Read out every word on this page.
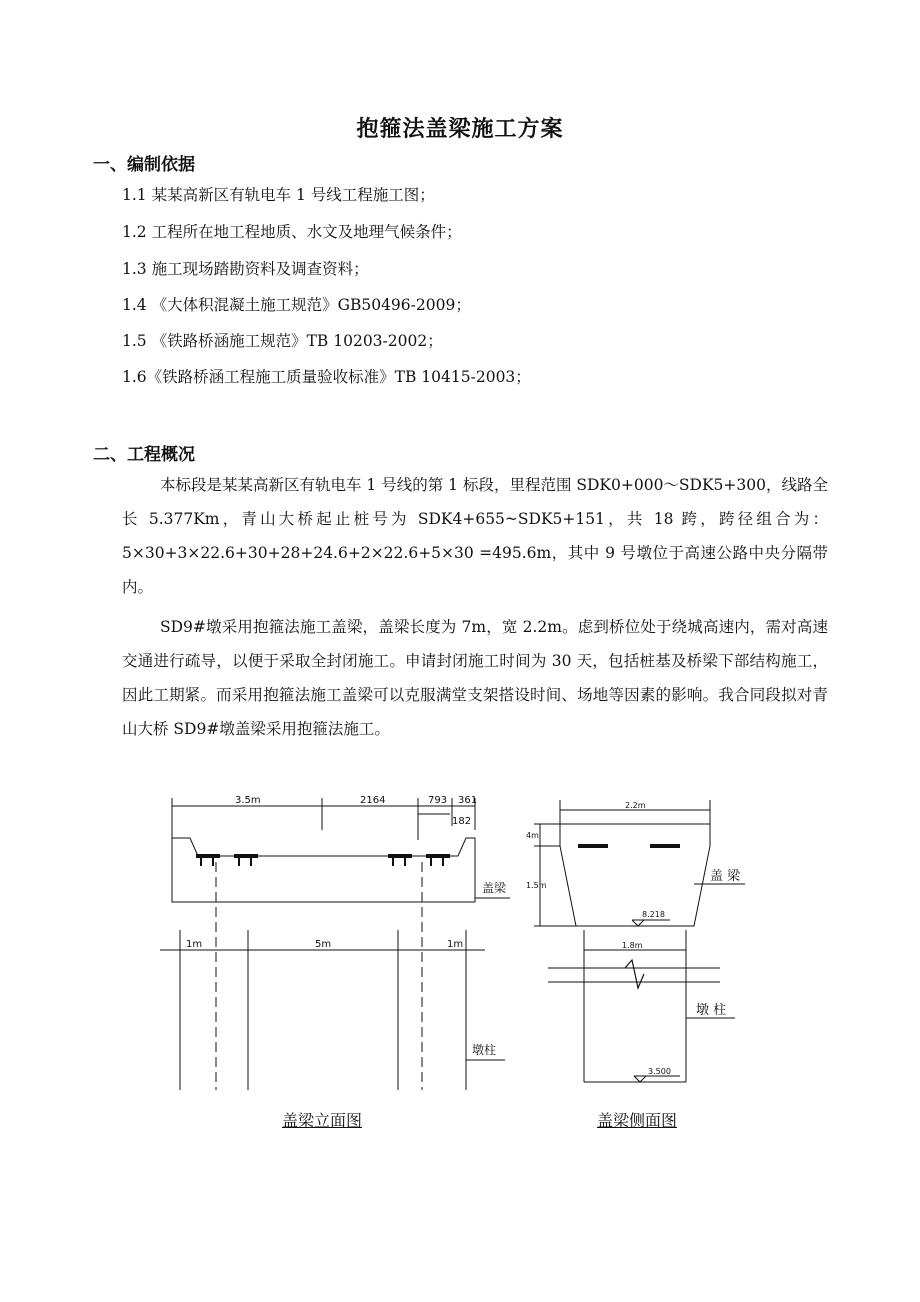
抱箍法盖梁施工方案
一、编制依据
1.1 某某高新区有轨电车 1 号线工程施工图；
1.2 工程所在地工程地质、水文及地理气候条件；
1.3 施工现场踏勘资料及调查资料；
1.4 《大体积混凝土施工规范》GB50496-2009；
1.5 《铁路桥涵施工规范》TB 10203-2002；
1.6《铁路桥涵工程施工质量验收标准》TB 10415-2003；
二、工程概况
本标段是某某高新区有轨电车 1 号线的第 1 标段，里程范围 SDK0+000～SDK5+300，线路全长 5.377Km，青山大桥起止桩号为 SDK4+655~SDK5+151，共 18 跨，跨径组合为：5×30+3×22.6+30+28+24.6+2×22.6+5×30 =495.6m，其中 9 号墩位于高速公路中央分隔带内。
SD9#墩采用抱箍法施工盖梁，盖梁长度为 7m，宽 2.2m。虑到桥位处于绕城高速内，需对高速交通进行疏导，以便于采取全封闭施工。申请封闭施工时间为 30 天，包括桩基及桥梁下部结构施工，因此工期紧。而采用抱箍法施工盖梁可以克服满堂支架搭设时间、场地等因素的影响。我合同段拟对青山大桥 SD9#墩盖梁采用抱箍法施工。
3.5m	2164	793 361
182
1m	5m	1m
盖梁
墩柱
盖梁立面图
2.2m
1.8m
4m
1.5m
8.218
3.500
盖 梁
墩 柱
盖梁侧面图
